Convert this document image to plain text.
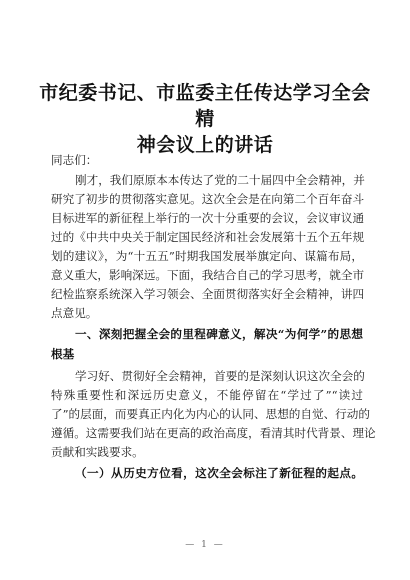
市纪委书记、市监委主任传达学习全会精
神会议上的讲话
同志们：
刚才，我们原原本本传达了党的二十届四中全会精神，并
研究了初步的贯彻落实意见。这次全会是在向第二个百年奋斗
目标进军的新征程上举行的一次十分重要的会议，会议审议通
过的《中共中央关于制定国民经济和社会发展第十五个五年规
划的建议》，为“十五五”时期我国发展举旗定向、谋篇布局，
意义重大，影响深远。下面，我结合自己的学习思考，就全市
纪检监察系统深入学习领会、全面贯彻落实好全会精神，讲四
点意见。
一、深刻把握全会的里程碑意义，解决“为何学”的思想
根基
学习好、贯彻好全会精神，首要的是深刻认识这次全会的
特殊重要性和深远历史意义，不能停留在“学过了”“读过
了”的层面，而要真正内化为内心的认同、思想的自觉、行动的
遵循。这需要我们站在更高的政治高度，看清其时代背景、理论
贡献和实践要求。
（一）从历史方位看，这次全会标注了新征程的起点。
— 1 —
